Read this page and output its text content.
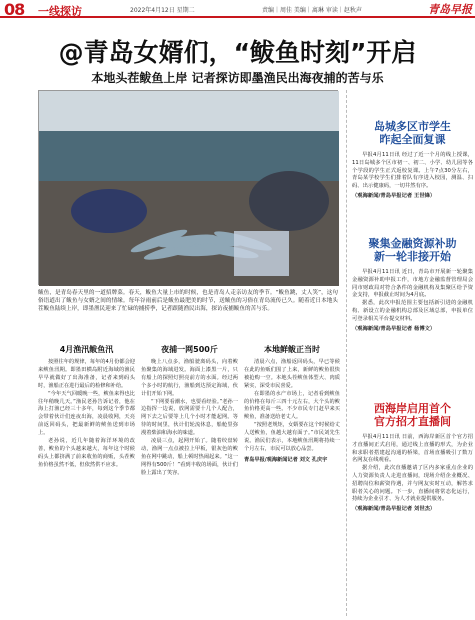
08 一线探访	2022年4月12日 星期二	责编｜周佳 美编｜离琳 审读｜赵秋声	青岛早报
@青岛女婿们，“鲅鱼时刻”开启
本地头茬鲅鱼上岸 记者探访即墨渔民出海夜捕的苦与乐
记者 刘文 孔庆宇 摄

鲅鱼，是青岛春天里的一道招牌菜。春天，鲅鱼大量上市的时候，也是青岛人走亲访友的季节。“鲅鱼跳，丈人笑”，这句俗语道出了鲅鱼与女婿之间的情缘。每年谷雨前后是鲅鱼最肥美的时节，送鲅鱼的习俗在青岛流传已久。随着近日本地头茬鲅鱼陆续上岸，即墨渔民迎来了忙碌的捕捞季，记者跟随渔民出海，探访夜捕鲅鱼的苦与乐。

4月渔汛鲅鱼汛

按照往年的规律，每年的4月份都会迎来鲅鱼汛期。即墨田横岛附近海域的渔民早早就做好了出海准备，记者来到码头时，渔船正在进行最后的检修和补给。

“今年天气回暖晚一些，鲅鱼来得也比往年稍晚几天。”渔民老孙告诉记者，他在海上打渔已经三十多年，每到这个季节都会带着伙计们连夜出海，凌晨收网，天亮前返回码头，把最新鲜的鲅鱼送到市场上。

老孙说，近几年随着海洋环境的改善，鲅鱼的个头越来越大，每年这个时候码头上都挤满了前来收鱼的商贩，头茬鲅鱼价格虽然不低，但依然供不应求。

夜捕一网500斤

晚上八点多，渔船驶离码头，向着鲅鱼聚集的海域进发。海面上漆黑一片，只有船上的探照灯照亮前方的水面。经过两个多小时的航行，渔船到达预定海域，伙计们开始下网。

“下网要看潮水，也要看经验。”老孙一边指挥一边说，放网需要十几个人配合，网下去之后要等上几个小时才能起网。等待的时间里，伙计们轮流休息，船舱里弥漫着柴油和海水的味道。

凌晨三点，起网开始了。随着绞盘转动，渔网一点点被拉上甲板，银灰色的鲅鱼在网中跳动，船上顿时热闹起来。“这一网得有500斤！”看到丰收的场面，伙计们脸上露出了笑容。

本地鲜鲅正当时

清晨六点，渔船返回码头，早已等候在此的鱼贩们围了上来，新鲜的鲅鱼很快被抢购一空。本地头茬鲅鱼体型大、肉质紧实，深受市民喜爱。

在即墨的水产市场上，记者看到鲅鱼的价格在每斤三四十元左右，大个头的鲅鱼价格更高一些。不少市民专门赶早来买鲅鱼，准备送给老丈人。

“按照老规矩，女婿要在这个时候给丈人送鲅鱼，鱼越大越有面子。”市民刘先生说。渔民们表示，本地鲅鱼汛期将持续一个月左右，市民可以放心品尝。

青岛早报/观海新闻记者 刘文 孔庆宇

岛城多区市学生
昨起全面复课

早报4月11日讯 经过了近一个月的线上授课，11日岛城多个区市初一、初二、小学、幼儿园等各个学段的学生正式返校复课。上午7点30分左右，青岛某学校学生们排着队有序进入校园，测温、扫码、出示健康码，一切井然有序。

（观海新闻/青岛早报记者 王世锋）

聚集金融资源补助
新一轮非接开始

早报4月11日讯 近日，青岛市开展新一轮聚集金融资源补助申报工作，市地方金融监督管理局会同市财政局对符合条件的金融机构及集聚区给予资金支持，申报截止时间为4月底。

据悉，此次申报范围主要包括新引进的金融机构、新设立的金融机构总部及区域总部，申报单位可登录相关平台提交材料。

（观海新闻/青岛早报记者 杨博文）

西海岸启用首个
官方招才直播间

早报4月11日讯 日前，西海岸新区首个官方招才直播间正式启用，通过线上直播的形式，为企业和求职者搭建起沟通的桥梁，首场直播吸引了数万名网友在线观看。

据介绍，此次直播邀请了区内多家重点企业的人力资源负责人走进直播间，现场介绍企业概况、招聘岗位和薪资待遇，并与网友实时互动，解答求职者关心的问题。下一步，直播间将常态化运行，持续为企业引才、为人才就业提供服务。

（观海新闻/青岛早报记者 刘世杰）
